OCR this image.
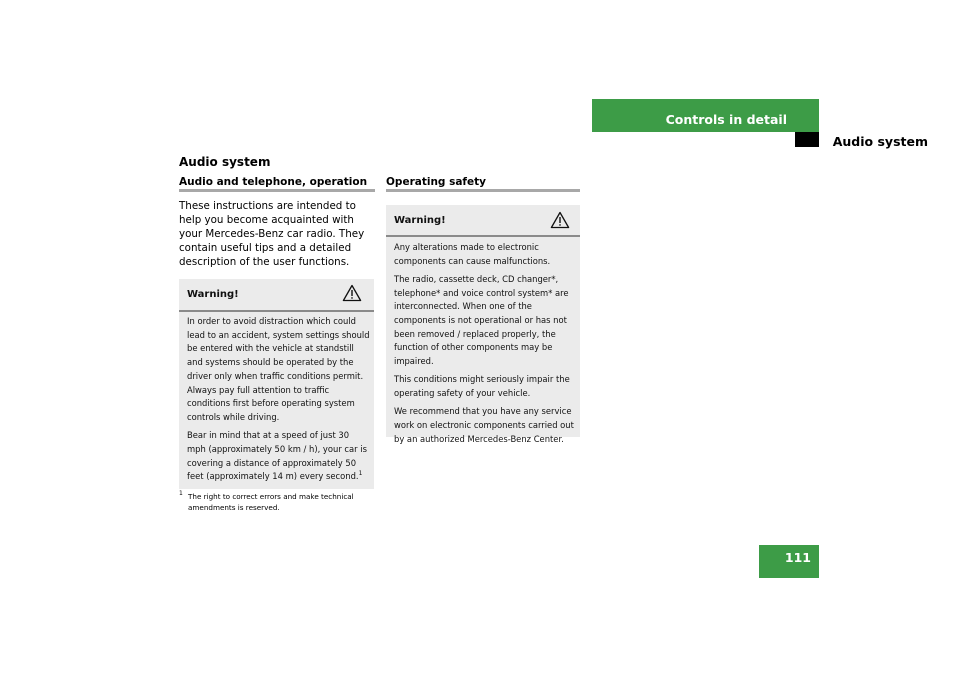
Controls in detail
Audio system
Audio system
Audio and telephone, operation
These instructions are intended to help you become acquainted with your Mercedes-Benz car radio. They contain useful tips and a detailed description of the user functions.
Warning!

In order to avoid distraction which could lead to an accident, system settings should be entered with the vehicle at standstill and systems should be operated by the driver only when traffic conditions permit. Always pay full attention to traffic conditions first before operating system controls while driving.

Bear in mind that at a speed of just 30 mph (approximately 50 km / h), your car is covering a distance of approximately 50 feet (approximately 14 m) every second.$^1$

1 The right to correct errors and make technical amendments is reserved.
Operating safety
Warning!

Any alterations made to electronic components can cause malfunctions.

The radio, cassette deck, CD changer*, telephone* and voice control system* are interconnected. When one of the components is not operational or has not been removed / replaced properly, the function of other components may be impaired.

This conditions might seriously impair the operating safety of your vehicle.

We recommend that you have any service work on electronic components carried out by an authorized Mercedes-Benz Center.

111
